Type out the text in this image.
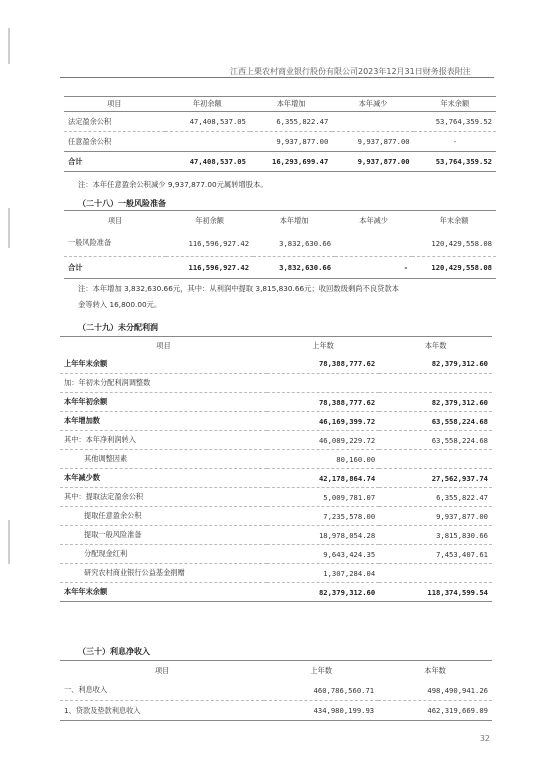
江西上栗农村商业银行股份有限公司2023年12月31日财务报表附注
项目	年初余额	本年增加	本年减少	年末余额
法定盈余公积	47,408,537.05	6,355,822.47		53,764,359.52
任意盈余公积		9,937,877.00	9,937,877.00	-
合计	47,408,537.05	16,293,699.47	9,937,877.00	53,764,359.52
注：本年任意盈余公积减少 9,937,877.00元属转增股本。
（二十八）一般风险准备
项目	年初余额	本年增加	本年减少	年末余额
一般风险准备	116,596,927.42	3,832,630.66		120,429,558.08
合计	116,596,927.42	3,832,630.66	-	120,429,558.08
注：本年增加 3,832,630.66元，其中：从利润中提取 3,815,830.66元；收回数级剩尚不良贷款本
金等转入 16,800.00元。
（二十九）未分配利润
项目	上年数	本年数
上年年末余额	78,388,777.62	82,379,312.60
加：年初未分配利润调整数		
本年年初余额	78,388,777.62	82,379,312.60
本年增加数	46,169,399.72	63,558,224.68
其中：本年净利润转入	46,089,229.72	63,558,224.68
其他调整因素	80,160.00	
本年减少数	42,178,864.74	27,562,937.74
其中：提取法定盈余公积	5,009,781.07	6,355,822.47
提取任意盈余公积	7,235,578.00	9,937,877.00
提取一般风险准备	18,978,054.28	3,815,830.66
分配现金红利	9,643,424.35	7,453,407.61
研究农村商业银行公益基金捐赠	1,307,284.04	
本年年末余额	82,379,312.60	118,374,599.54
（三十）利息净收入
项目	上年数	本年数
一、利息收入	460,786,560.71	498,490,941.26
1、贷款及垫款利息收入	434,980,199.93	462,319,669.09
32
